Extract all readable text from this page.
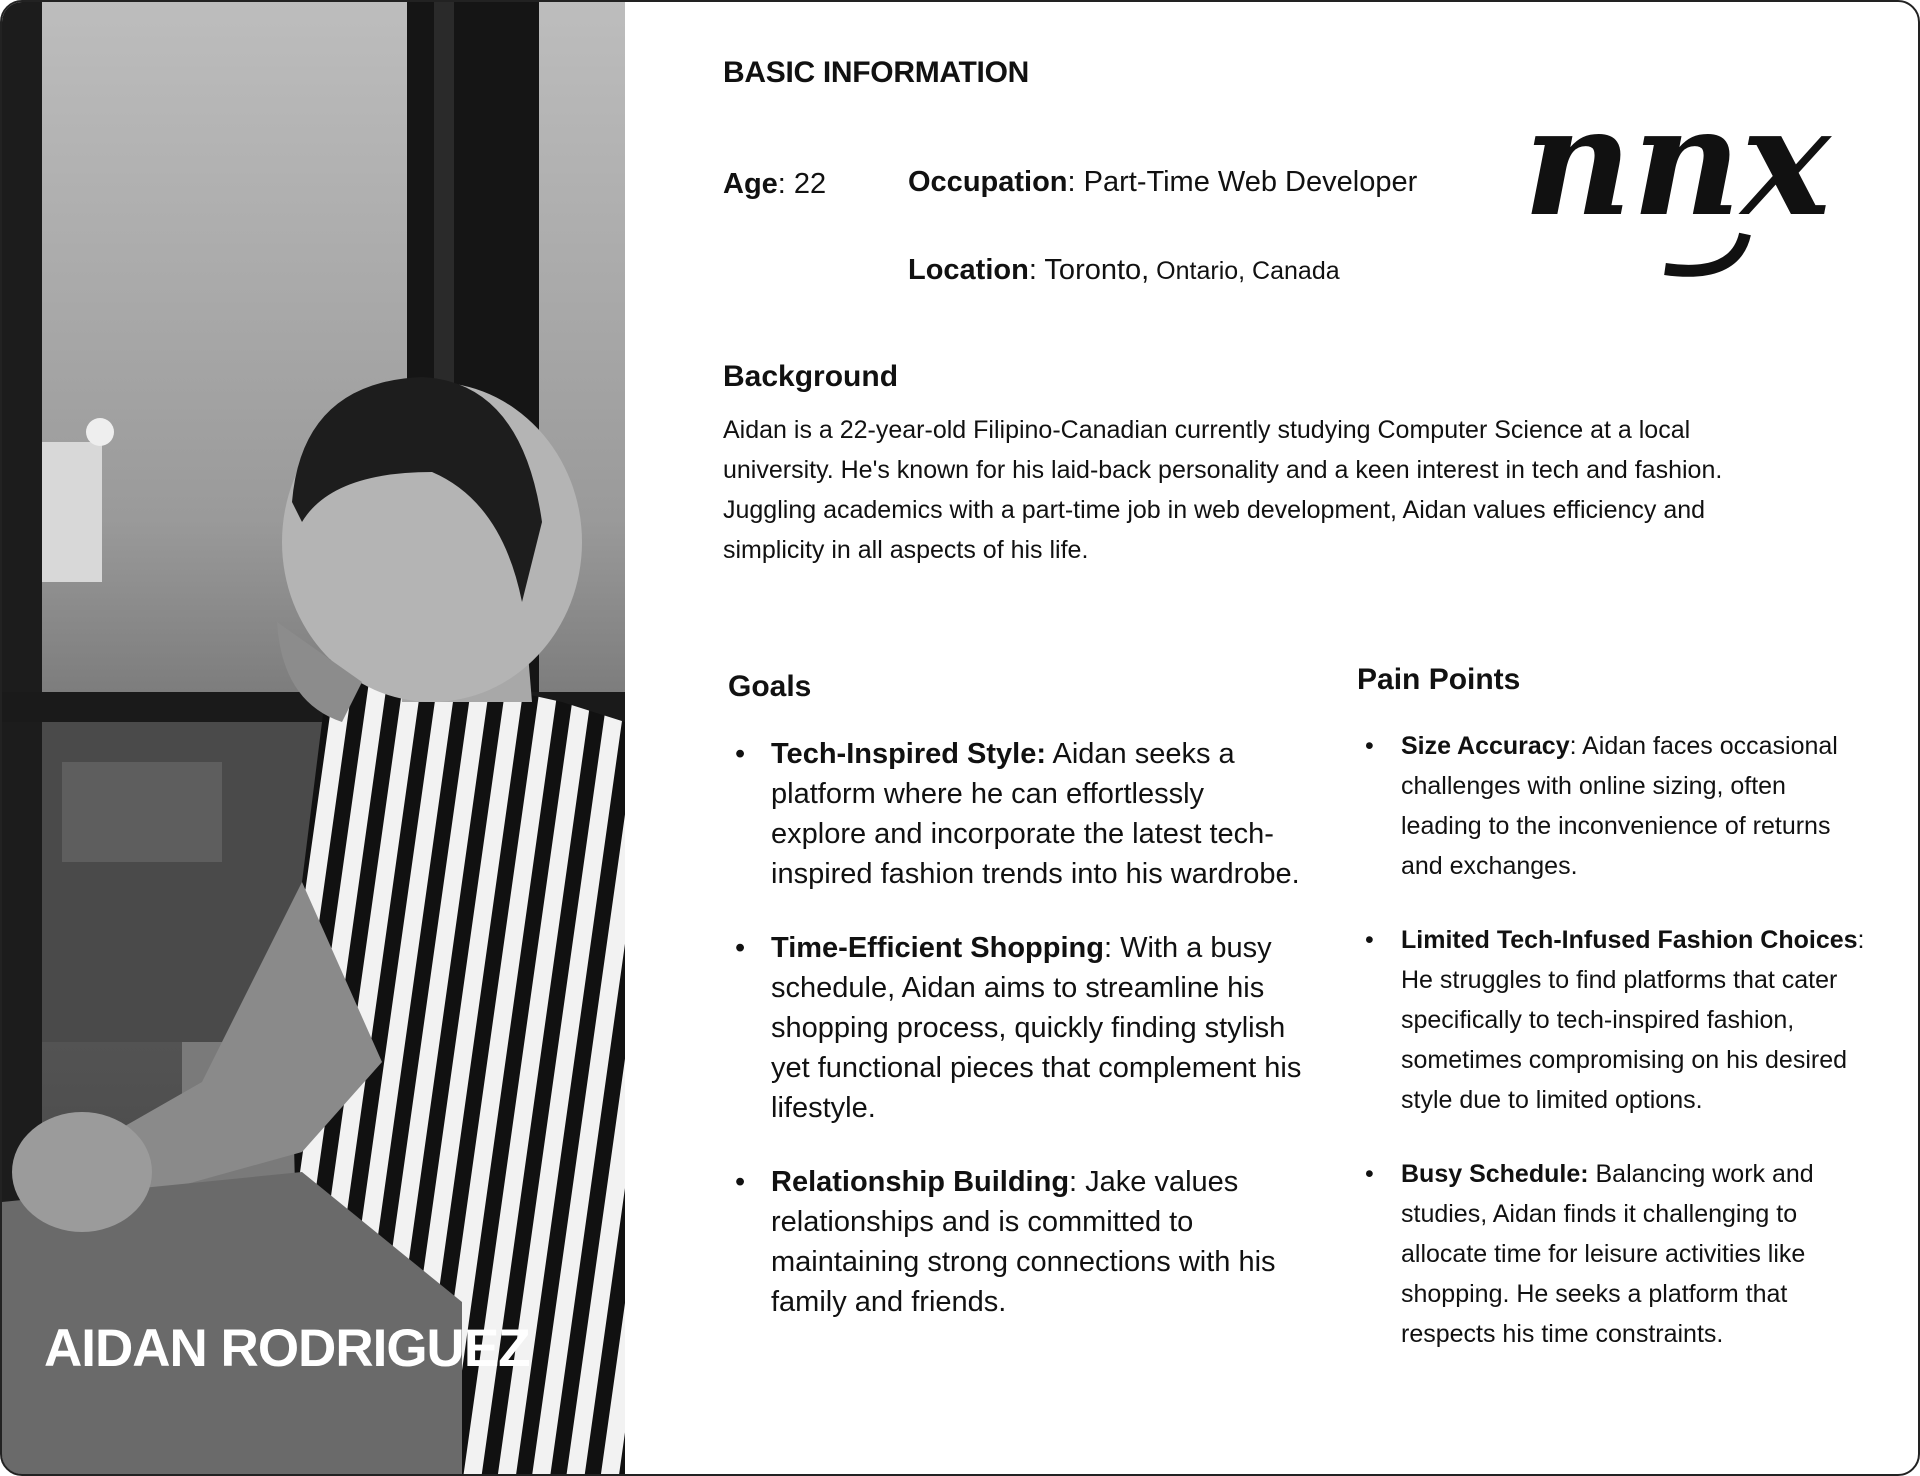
AIDAN RODRIGUEZ
BASIC INFORMATION
nnx
Age: 22	Occupation: Part-Time Web Developer
Location: Toronto, Ontario, Canada
Background
Aidan is a 22-year-old Filipino-Canadian currently studying Computer Science at a local university. He's known for his laid-back personality and a keen interest in tech and fashion. Juggling academics with a part-time job in web development, Aidan values efficiency and simplicity in all aspects of his life.
Goals
• Tech-Inspired Style: Aidan seeks a platform where he can effortlessly explore and incorporate the latest tech-inspired fashion trends into his wardrobe.
• Time-Efficient Shopping: With a busy schedule, Aidan aims to streamline his shopping process, quickly finding stylish yet functional pieces that complement his lifestyle.
• Relationship Building: Jake values relationships and is committed to maintaining strong connections with his family and friends.
Pain Points
• Size Accuracy: Aidan faces occasional challenges with online sizing, often leading to the inconvenience of returns and exchanges.
• Limited Tech-Infused Fashion Choices: He struggles to find platforms that cater specifically to tech-inspired fashion, sometimes compromising on his desired style due to limited options.
• Busy Schedule: Balancing work and studies, Aidan finds it challenging to allocate time for leisure activities like shopping. He seeks a platform that respects his time constraints.
